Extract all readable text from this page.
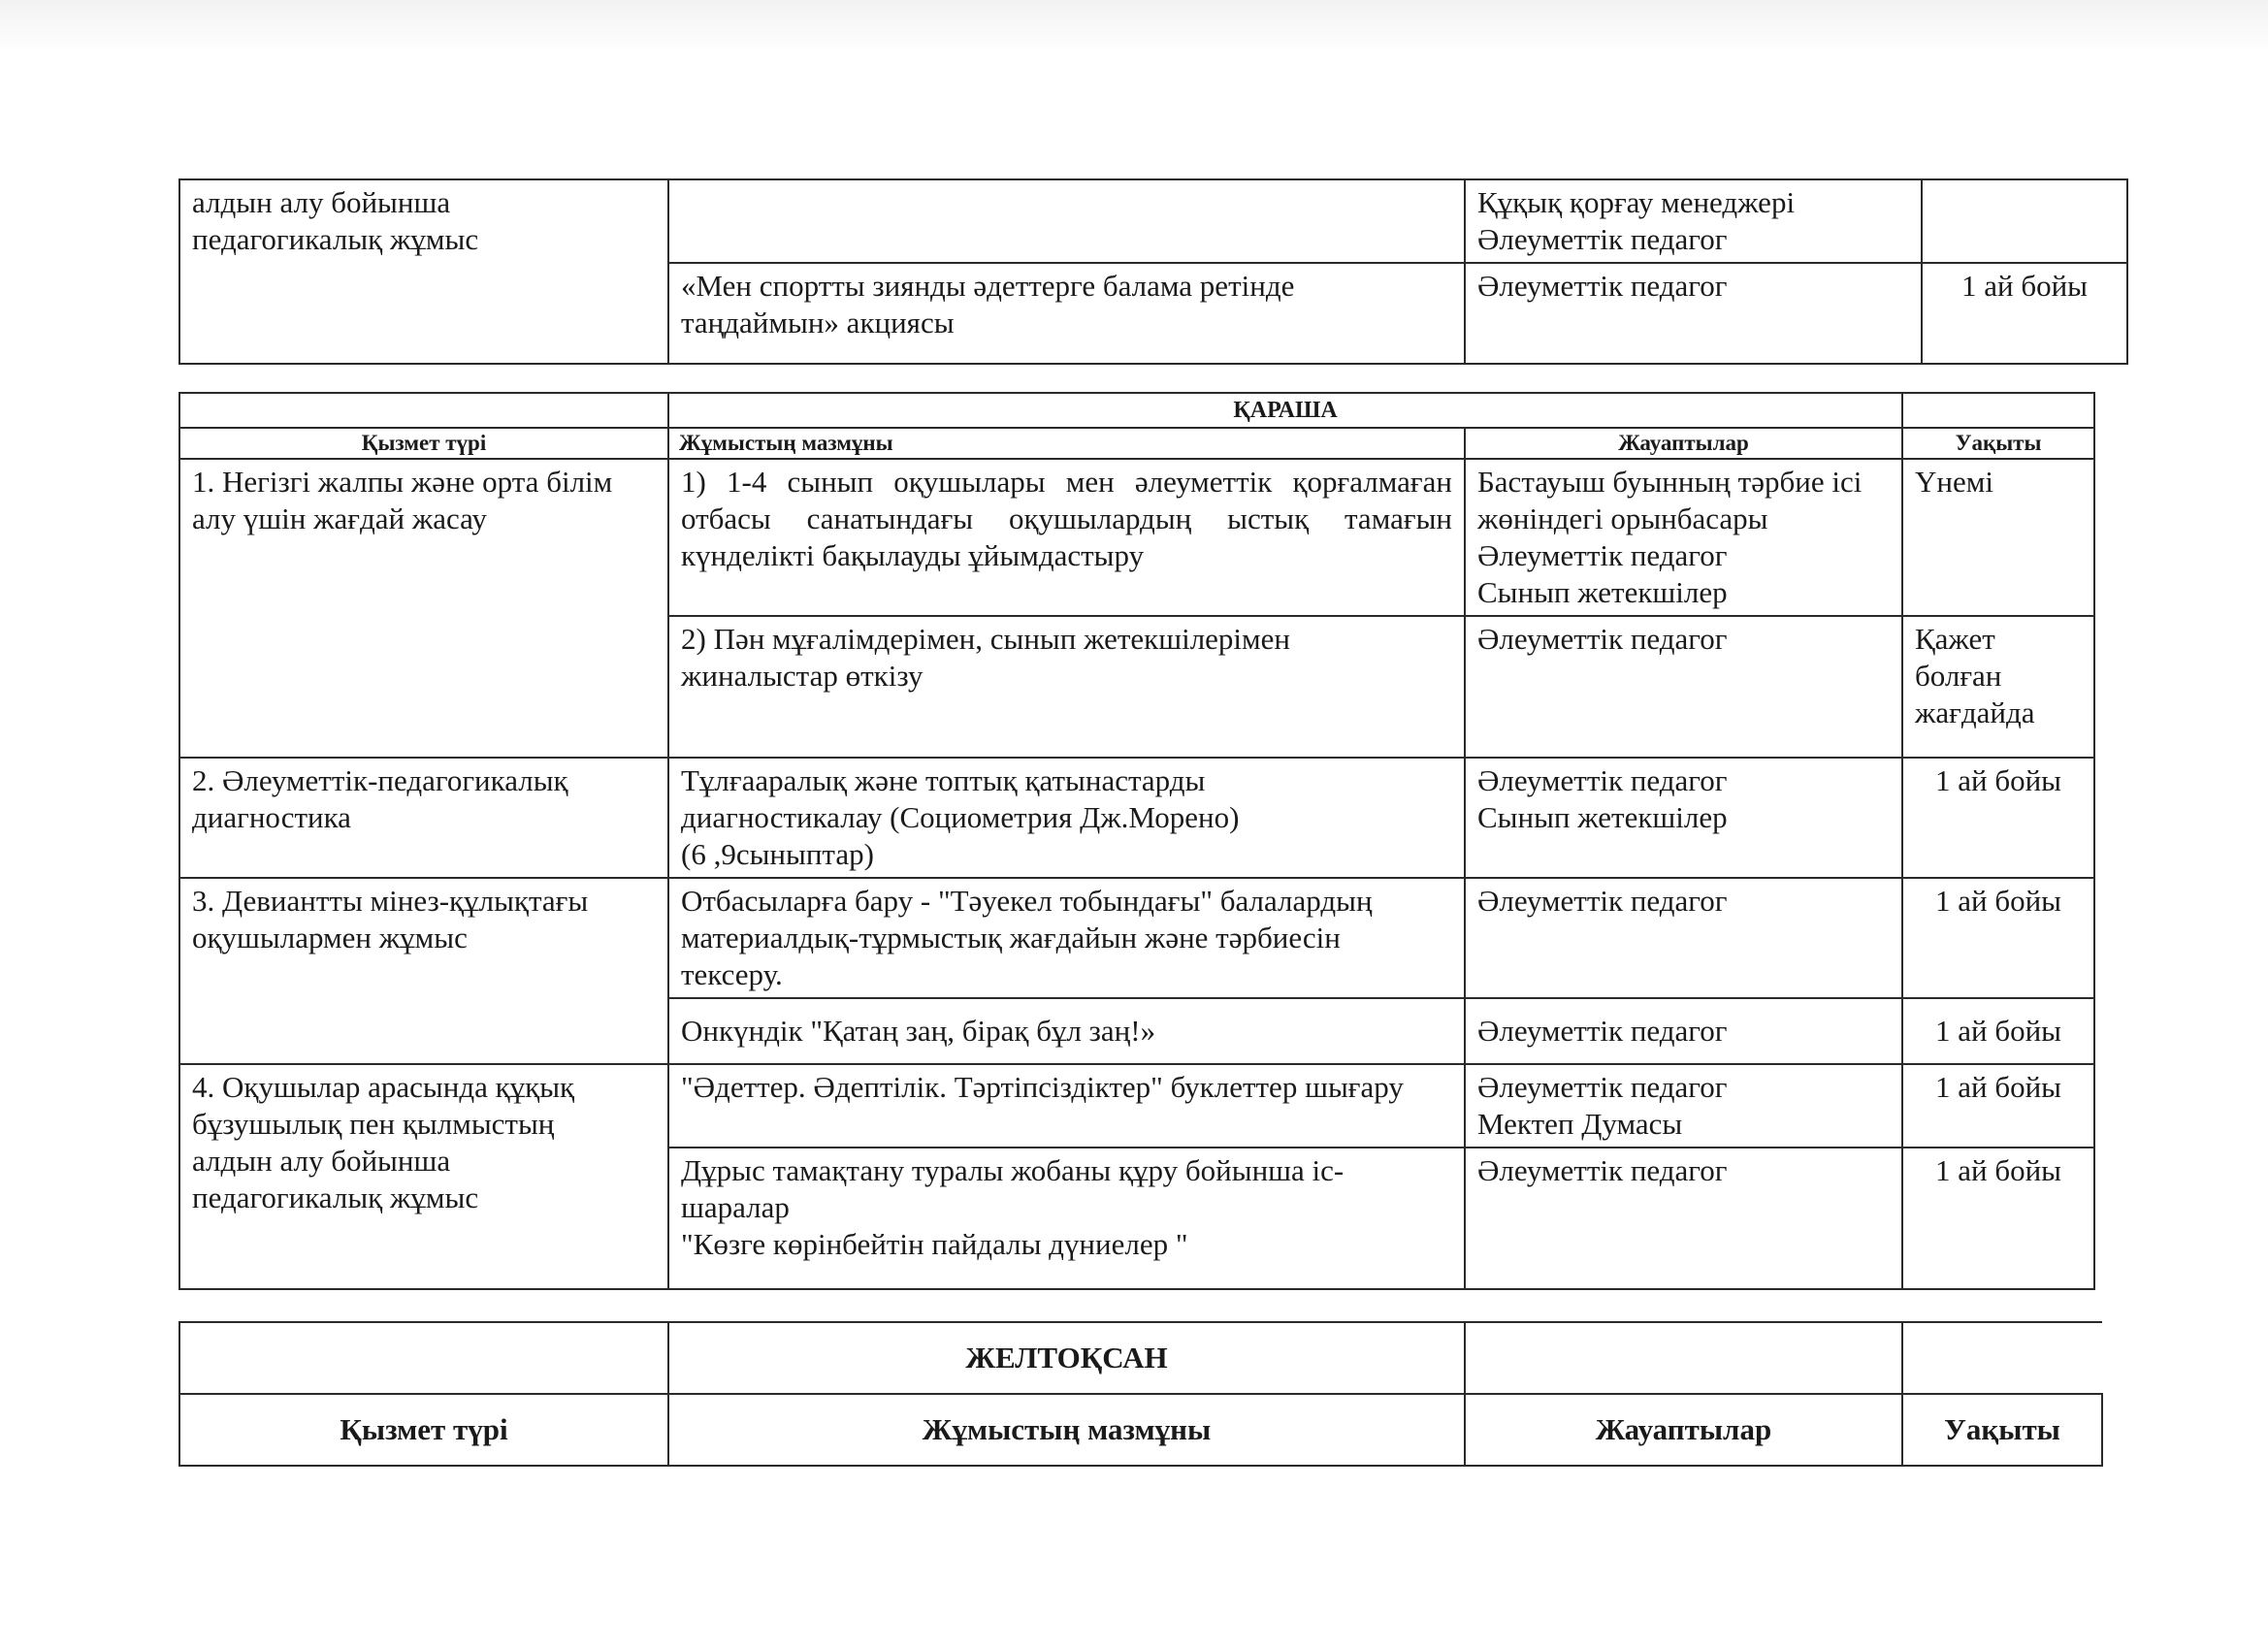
алдын алу бойынша
педагогикалық жұмыс		Құқық қорғау менеджері
Әлеуметтік педагог	

	«Мен спортты зиянды әдеттерге балама ретінде
таңдаймын» акциясы	Әлеуметтік педагог	1 ай бойы
	ҚАРАША		
Қызмет түрі	Жұмыстың мазмұны	Жауаптылар	Уақыты

1. Негізгі жалпы және орта білім
алу үшін жағдай жасау	1) 1-4 сынып оқушылары мен әлеуметтік қорғалмаған отбасы санатындағы оқушылардың ыстық тамағын күнделікті бақылауды ұйымдастыру	Бастауыш буынның тәрбие ісі
жөніндегі орынбасары
Әлеуметтік педагог
Сынып жетекшілер	Үнемі

	2) Пән мұғалімдерімен, сынып жетекшілерімен
жиналыстар өткізу	Әлеуметтік педагог	Қажет
болған
жағдайда

2. Әлеуметтік-педагогикалық
диагностика	Тұлғааралық және топтық қатынастарды
диагностикалау (Социометрия Дж.Морено)
(6 ,9сыныптар)	Әлеуметтік педагог
Сынып жетекшілер	1 ай бойы

3. Девиантты мінез-құлықтағы
оқушылармен жұмыс	Отбасыларға бару - "Тәуекел тобындағы" балалардың
материалдық-тұрмыстық жағдайын және тәрбиесін
тексеру.	Әлеуметтік педагог	1 ай бойы

	Онкүндік "Қатаң заң, бірақ бұл заң!»	Әлеуметтік педагог	1 ай бойы

4. Оқушылар арасында құқық
бұзушылық пен қылмыстың
алдын алу бойынша
педагогикалық жұмыс	"Әдеттер. Әдептілік. Тәртіпсіздіктер" буклеттер шығару	Әлеуметтік педагог
Мектеп Думасы	1 ай бойы

	Дұрыс тамақтану туралы жобаны құру бойынша іс-
шаралар
"Көзге көрінбейтін пайдалы дүниелер "	Әлеуметтік педагог	1 ай бойы
	ЖЕЛТОҚСАН		
Қызмет түрі	Жұмыстың мазмұны	Жауаптылар	Уақыты
